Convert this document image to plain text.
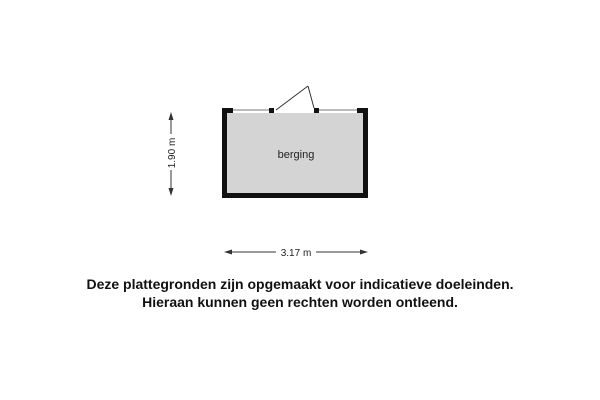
berging
1.90 m
3.17 m
Deze plattegronden zijn opgemaakt voor indicatieve doeleinden.
Hieraan kunnen geen rechten worden ontleend.
